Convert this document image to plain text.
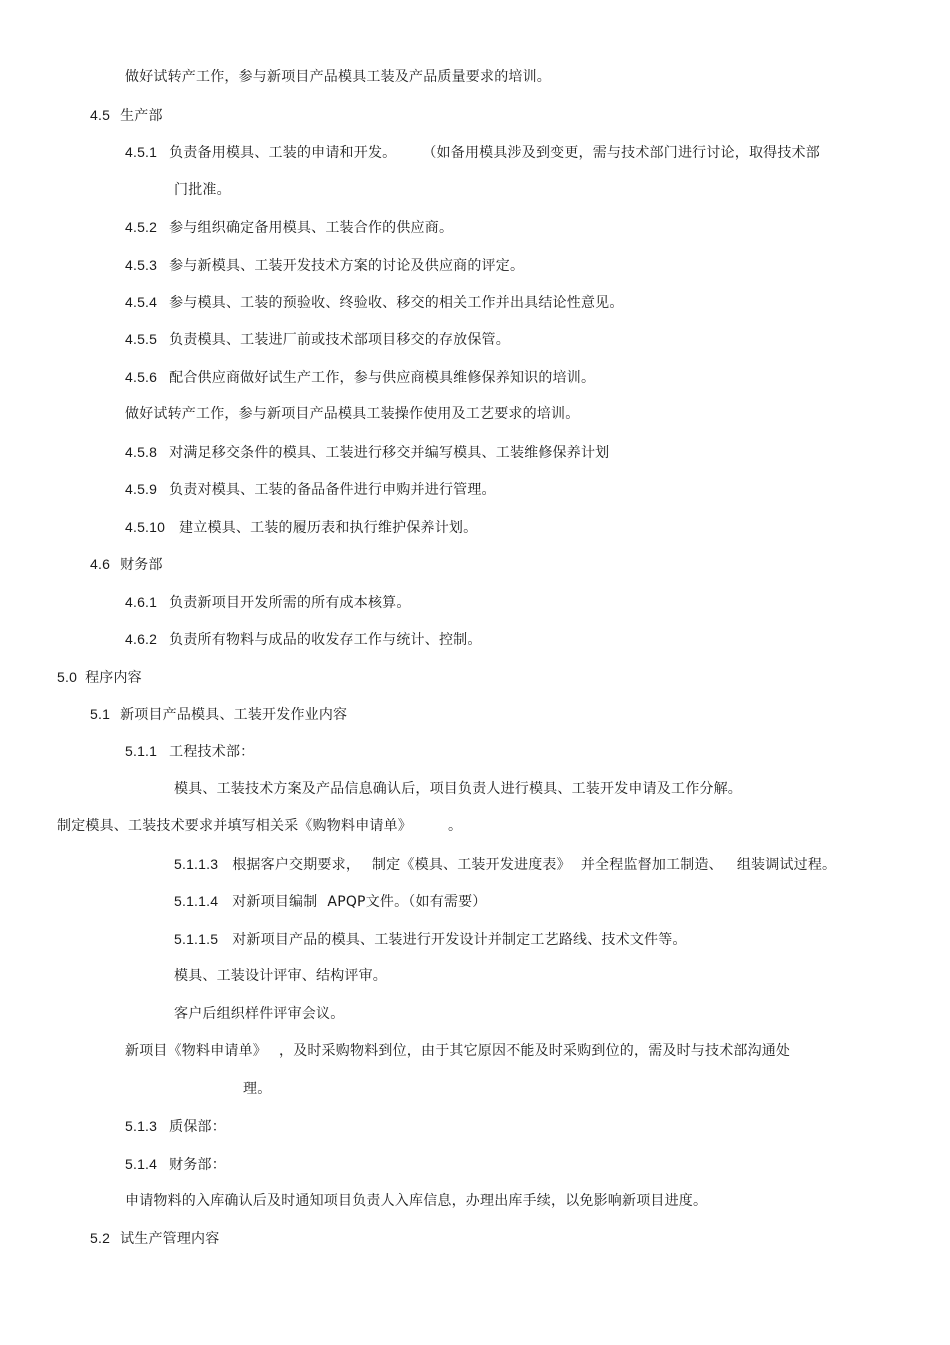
做好试转产工作，参与新项目产品模具工装及产品质量要求的培训。
4.5 生产部
4.5.1 负责备用模具、工装的申请和开发。 （如备用模具涉及到变更，需与技术部门进行讨论，取得技术部
门批准。
4.5.2 参与组织确定备用模具、工装合作的供应商。
4.5.3 参与新模具、工装开发技术方案的讨论及供应商的评定。
4.5.4 参与模具、工装的预验收、终验收、移交的相关工作并出具结论性意见。
4.5.5 负责模具、工装进厂前或技术部项目移交的存放保管。
4.5.6 配合供应商做好试生产工作，参与供应商模具维修保养知识的培训。
做好试转产工作，参与新项目产品模具工装操作使用及工艺要求的培训。
4.5.8 对满足移交条件的模具、工装进行移交并编写模具、工装维修保养计划
4.5.9 负责对模具、工装的备品备件进行申购并进行管理。
4.5.10 建立模具、工装的履历表和执行维护保养计划。
4.6 财务部
4.6.1 负责新项目开发所需的所有成本核算。
4.6.2 负责所有物料与成品的收发存工作与统计、控制。
5.0 程序内容
5.1 新项目产品模具、工装开发作业内容
5.1.1 工程技术部：
模具、工装技术方案及产品信息确认后，项目负责人进行模具、工装开发申请及工作分解。
制定模具、工装技术要求并填写相关采《购物料申请单》	。
5.1.1.3 根据客户交期要求， 制定《模具、工装开发进度表》 并全程监督加工制造、 组装调试过程。
5.1.1.4 对新项目编制 APQP文件。（如有需要）
5.1.1.5 对新项目产品的模具、工装进行开发设计并制定工艺路线、技术文件等。
模具、工装设计评审、结构评审。
客户后组织样件评审会议。
新项目《物料申请单》 ，及时采购物料到位，由于其它原因不能及时采购到位的，需及时与技术部沟通处
理。
5.1.3 质保部：
5.1.4 财务部：
申请物料的入库确认后及时通知项目负责人入库信息，办理出库手续，以免影响新项目进度。
5.2 试生产管理内容
